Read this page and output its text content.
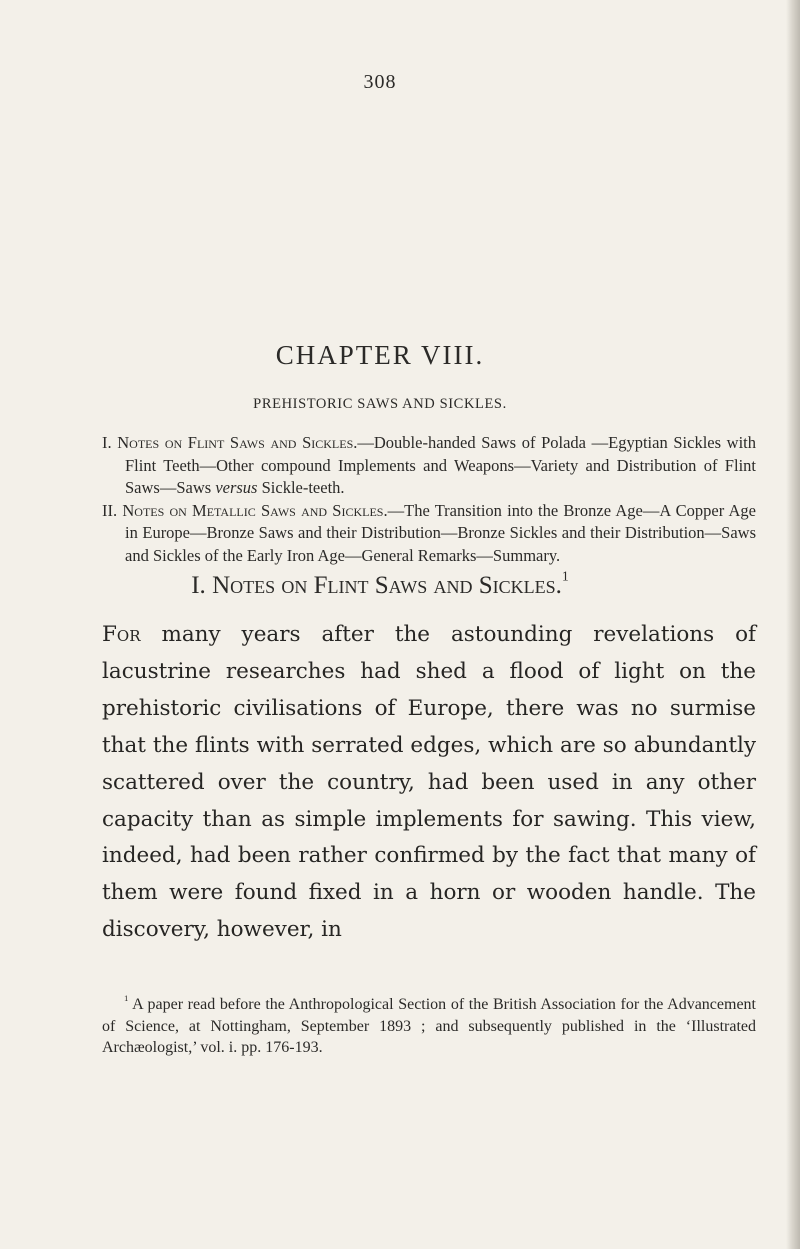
308
CHAPTER VIII.
PREHISTORIC SAWS AND SICKLES.

I. Notes on Flint Saws and Sickles.—Double-handed Saws of Polada —Egyptian Sickles with Flint Teeth—Other compound Implements and Weapons—Variety and Distribution of Flint Saws—Saws versus Sickle-teeth.

II. Notes on Metallic Saws and Sickles.—The Transition into the Bronze Age—A Copper Age in Europe—Bronze Saws and their Distribution—Bronze Sickles and their Distribution—Saws and Sickles of the Early Iron Age—General Remarks—Summary.

I. Notes on Flint Saws and Sickles.$^1$

For many years after the astounding revelations of lacustrine researches had shed a flood of light on the prehistoric civilisations of Europe, there was no surmise that the flints with serrated edges, which are so abundantly scattered over the country, had been used in any other capacity than as simple implements for sawing. This view, indeed, had been rather confirmed by the fact that many of them were found fixed in a horn or wooden handle. The discovery, however, in

$^1$ A paper read before the Anthropological Section of the British Association for the Advancement of Science, at Nottingham, September 1893 ; and subsequently published in the ‘Illustrated Archæologist,’ vol. i. pp. 176-193.
